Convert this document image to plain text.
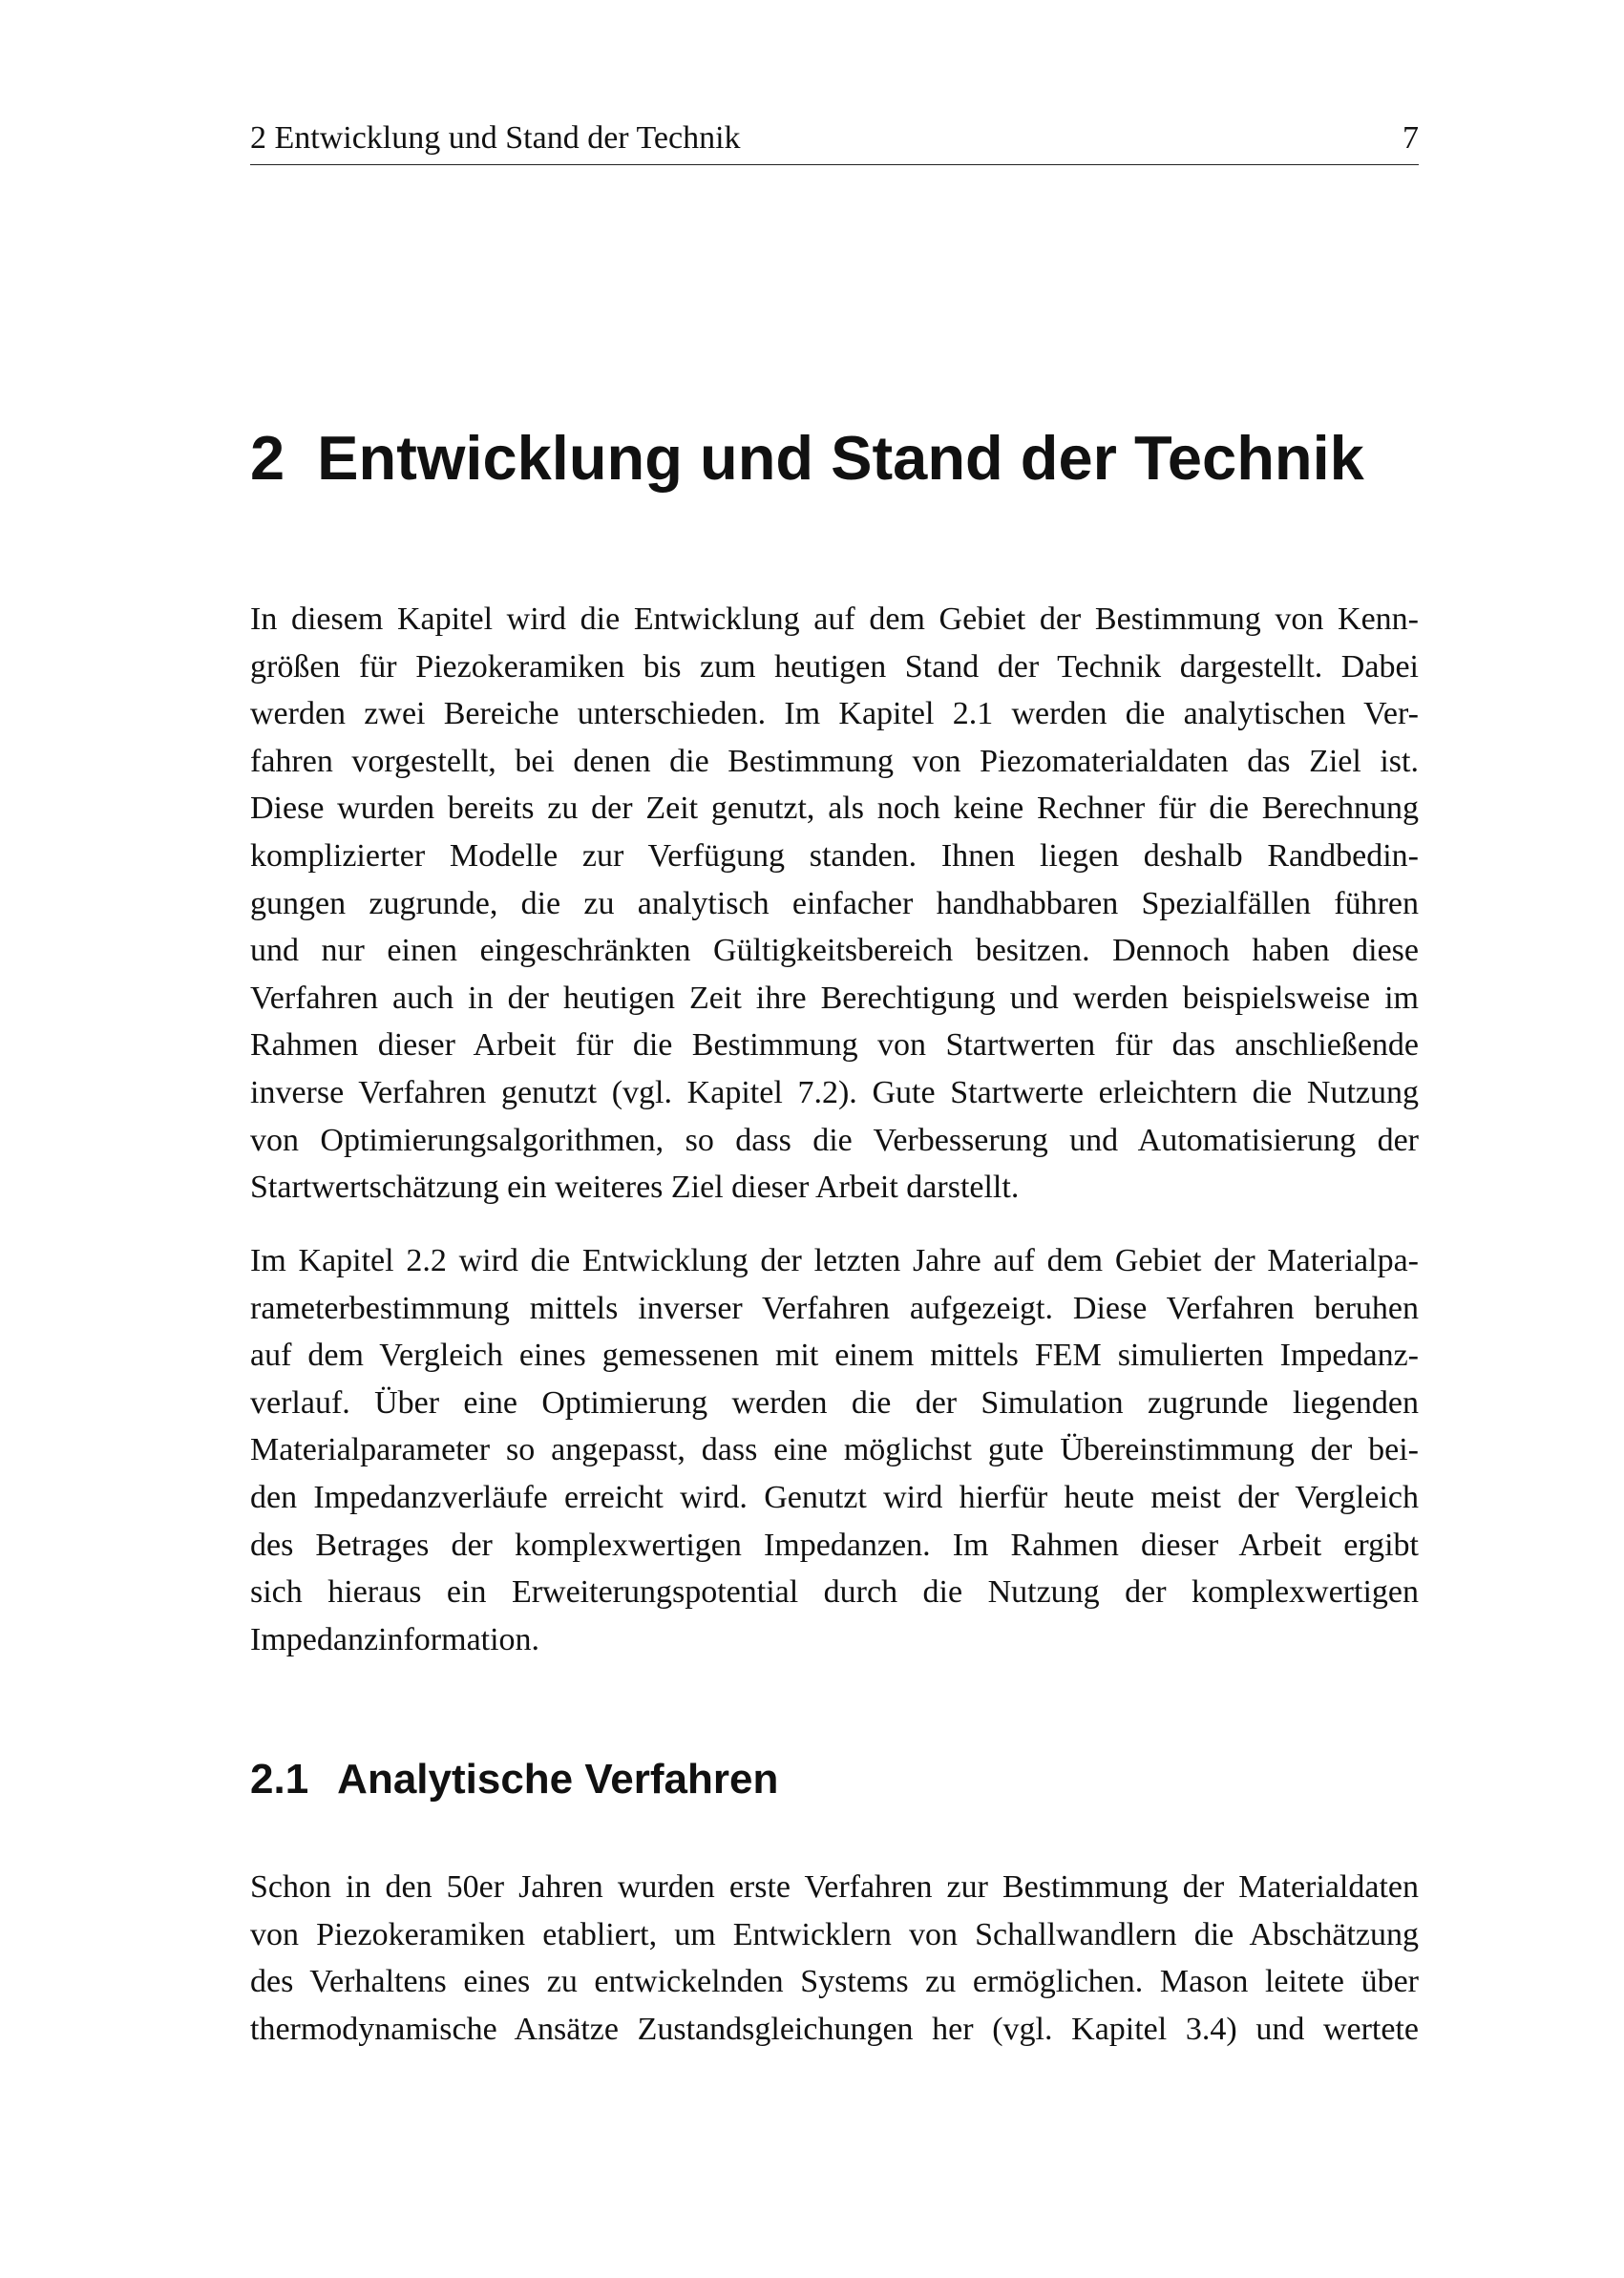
2 Entwicklung und Stand der Technik	7
2 Entwicklung und Stand der Technik

In diesem Kapitel wird die Entwicklung auf dem Gebiet der Bestimmung von Kenn-
größen für Piezokeramiken bis zum heutigen Stand der Technik dargestellt. Dabei
werden zwei Bereiche unterschieden. Im Kapitel 2.1 werden die analytischen Ver-
fahren vorgestellt, bei denen die Bestimmung von Piezomaterialdaten das Ziel ist.
Diese wurden bereits zu der Zeit genutzt, als noch keine Rechner für die Berechnung
komplizierter Modelle zur Verfügung standen. Ihnen liegen deshalb Randbedin-
gungen zugrunde, die zu analytisch einfacher handhabbaren Spezialfällen führen
und nur einen eingeschränkten Gültigkeitsbereich besitzen. Dennoch haben diese
Verfahren auch in der heutigen Zeit ihre Berechtigung und werden beispielsweise im
Rahmen dieser Arbeit für die Bestimmung von Startwerten für das anschließende
inverse Verfahren genutzt (vgl. Kapitel 7.2). Gute Startwerte erleichtern die Nutzung
von Optimierungsalgorithmen, so dass die Verbesserung und Automatisierung der
Startwertschätzung ein weiteres Ziel dieser Arbeit darstellt.

Im Kapitel 2.2 wird die Entwicklung der letzten Jahre auf dem Gebiet der Materialpa-
rameterbestimmung mittels inverser Verfahren aufgezeigt. Diese Verfahren beruhen
auf dem Vergleich eines gemessenen mit einem mittels FEM simulierten Impedanz-
verlauf. Über eine Optimierung werden die der Simulation zugrunde liegenden
Materialparameter so angepasst, dass eine möglichst gute Übereinstimmung der bei-
den Impedanzverläufe erreicht wird. Genutzt wird hierfür heute meist der Vergleich
des Betrages der komplexwertigen Impedanzen. Im Rahmen dieser Arbeit ergibt
sich hieraus ein Erweiterungspotential durch die Nutzung der komplexwertigen
Impedanzinformation.

2.1 Analytische Verfahren

Schon in den 50er Jahren wurden erste Verfahren zur Bestimmung der Materialdaten
von Piezokeramiken etabliert, um Entwicklern von Schallwandlern die Abschätzung
des Verhaltens eines zu entwickelnden Systems zu ermöglichen. Mason leitete über
thermodynamische Ansätze Zustandsgleichungen her (vgl. Kapitel 3.4) und wertete
